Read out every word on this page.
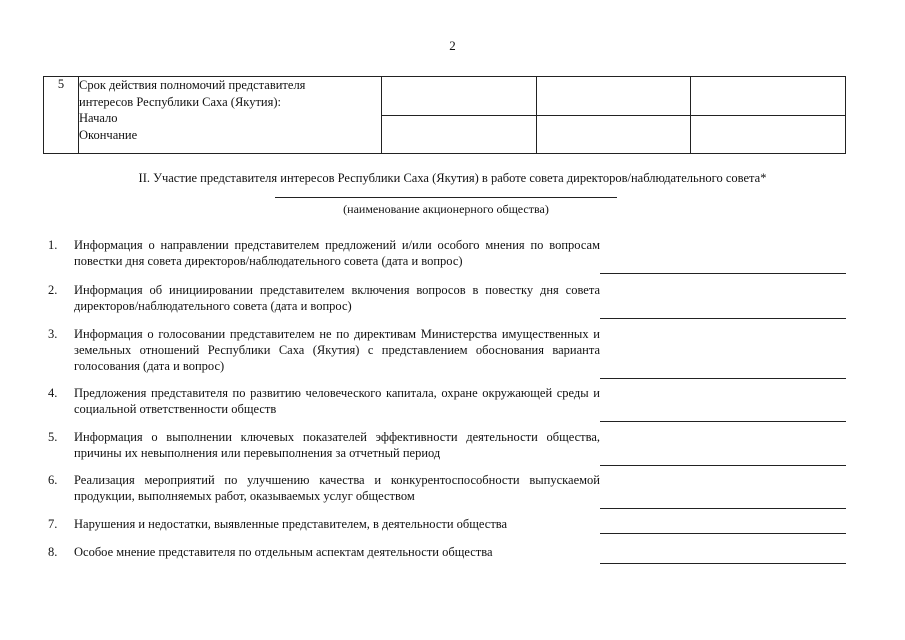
2
5	Срок действия полномочий представителя
интересов Республики Саха (Якутия):
Начало
Окончание			

II. Участие представителя интересов Республики Саха (Якутия) в работе совета директоров/наблюдательного совета*
(наименование акционерного общества)
1.	Информация о направлении представителем предложений и/или особого мнения по вопросам повестки дня совета директоров/наблюдательного совета (дата и вопрос)
2.	Информация об инициировании представителем включения вопросов в повестку дня совета директоров/наблюдательного совета (дата и вопрос)
3.	Информация о голосовании представителем не по директивам Министерства имущественных и земельных отношений Республики Саха (Якутия) с представлением обоснования варианта голосования (дата и вопрос)
4.	Предложения представителя по развитию человеческого капитала, охране окружающей среды и социальной ответственности обществ
5.	Информация о выполнении ключевых показателей эффективности деятельности общества, причины их невыполнения или перевыполнения за отчетный период
6.	Реализация мероприятий по улучшению качества и конкурентоспособности выпускаемой продукции, выполняемых работ, оказываемых услуг обществом
7.	Нарушения и недостатки, выявленные представителем, в деятельности общества
8.	Особое мнение представителя по отдельным аспектам деятельности общества
